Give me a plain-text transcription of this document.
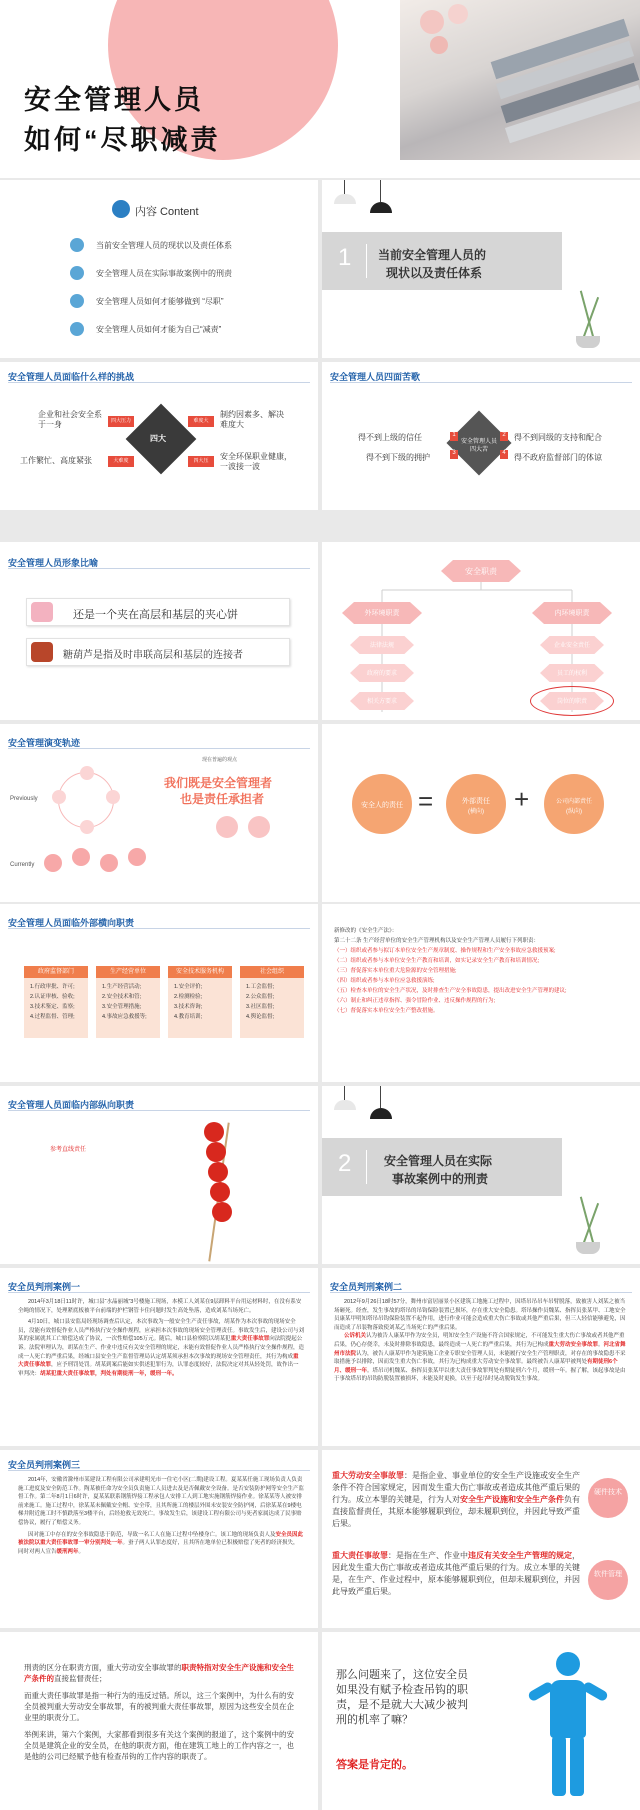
安全管理人员
如何“尽职减责
内容 Content
当前安全管理人员的现状以及责任体系
安全管理人员在实际事故案例中的刑责
安全管理人员如何才能够做到 “尽职”
安全管理人员如何才能为自己“减责”
1 当前安全管理人员的
现状以及责任体系
安全管理人员面临什么样的挑战
四大
四大压力	难度大
大难度	四大压
企业和社会安全系于一身
制约因素多、解决难度大
工作繁忙、高度紧张	安全环保职业健康，一波接一波
安全管理人员四面苦歌
安全管理人员
四大苦
1	2
3	4
得不到上级的信任	得不到同级的支持和配合
得不到下级的拥护	得不政府监督部门的体谅
安全管理人员形象比喻
还是一个夹在高层和基层的夹心饼
糖葫芦是指及时串联高层和基层的连接者
安全职责
外环境职责	内环境职责
法律法规
政府的要求
相关方要求
企业安全责任
员工的权利
岗位的职责
安全管理演变轨迹
Previously
Currently
现在普遍的观点
我们既是安全管理者
也是责任承担者	安全人的责任 =	外部责任
(横向)	+	公司内部责任
(纵向)
安全管理人员面临外部横向职责
政府监督部门
1.行政审批、许可;
2.认证审核、验收;
3.技术鉴定、监察;
4.过程监督、管理;
生产经营单位
1.生产经营活动;
2.安全技术和管;
3.安全管理措施;
4.事故应急救援等;
安全技术服务机构
1.安全评价;
2.检测检验;
3.技术咨询;
4.教育培训;
社会组织
1.工会监督;
2.公众监督;
3.社区监督;
4.舆论监督;
新修改的《安全生产法》：
第二十二条 生产经营单位的安全生产管理机构以及安全生产管理人员履行下列职责：
（一）组织或者参与拟订本单位安全生产规章制度、操作规程和生产安全事故应急救援预案;
（二）组织或者参与本单位安全生产教育和培训，如实记录安全生产教育和培训情况;
（三）督促落实本单位重大危险源的安全管理措施;
（四）组织或者参与本单位应急救援演练;
（五）检查本单位的安全生产状况，及时排查生产安全事故隐患，提出改进安全生产管理的建议;
（六）制止和纠正违章指挥、强令冒险作业、违反操作规程的行为;
（七）督促落实本单位安全生产整改措施。
安全管理人员面临内部纵向职责
参考直线责任	2	安全管理人员在实际
事故案例中的刑责
安全员判刑案例一

2014年3月18日11时许，城口县“水晶丽城”3号楼施工现场，本模工人刘某在9层卸料平台用运材料时，在没有系安全绳的情况下，处理紧底板被平台前端的护栏钢管卡住问题时发生高处坠落，造成刘某当场死亡。

4月10日，城口县安监局经现场调查后认定，本次事故为一般安全生产责任事故，胡某作为本次事故的现场安全员，没能有效督促作业人员严格执行安全操作规程，应承担本次事故的现场安全管理责任。事故发生后，建设公司与刘某的家属就其工亡赔偿达成了协议，一次性赔偿105万元。随后，城口县检察院以胡某犯重大责任事故罪向法院提起公诉。法院审理认为，胡某在生产、作业中违反有关安全管理的规定，未能有效督促作业人员严格执行安全操作规程，造成一人死亡的严重后果，经城口县安全生产监督管理局认定胡某须承担本次事故的现场安全管理责任，其行为构成重大责任事故罪，应予刑罚处罚。胡某到案后能如实供述犯罪行为，认罪态度较好，法院决定对其从轻处罚，故作出一审判决：胡某犯重大责任事故罪，判处有期徒刑一年，缓刑一年。

安全员判刑案例二

2012年9月26日18时57分，舞州市富居丽景小区建筑工地施工过程中，因塔吊吊吊车吊臂脱落，致被害人刘某之被当场砸死。经查，发生事故的塔吊的吊钩保险装置已损坏，存在重大安全隐患。塔吊操作员魏某、指挥员张某甲、工地安全员康某甲明知塔吊吊钩保险装置不起作用，进行作业可能会造成重大伤亡事故或其他严重后果，但三人轻信能够避免，因而造成了吊装物落致使刘某乙当场死亡的严重后果。

公诉机关认为被告人康某甲作为安全员，明知安全生产设施不符合国家规定，不可能发生重大伤亡事故或者其他严重后果，仍心存侥幸，未及时排除事故隐患，最终造成一人死亡的严重后果，其行为已构成重大劳动安全事故罪。河北省舞州市法院认为，被告人康某甲作为建筑施工企业专职安全管理人员，未能履行安全生产管理职责，对存在的事故隐患不采取措施予以排除，因而发生重大伤亡事故，其行为已构成重大劳动安全事故罪。最终被告人康某甲被判处有期徒刑6个月、缓刑一年。塔吊司机魏某、指挥员张某甲以重大责任事故罪判处有期徒刑六个月，缓刑一年。握了解，该起事故是由于事故塔吊的吊钩防脱装置被损坏，未能及时更换，以至于起吊时晃动脱钩发生事故。

安全员判刑案例三

2014年，安徽省滁州市某建设工程有限公司承建明光市一住宅小区(二期)建设工程。夏某某任施工现场负责人负责施工进度及安全防范工作。陶某被任命为安全员负责施工人员进去及是否佩戴安全设备。是否安装防护网等安全生产监督工作。第二年8月1日6时许，夏某某联系钢筋焊接工程承包人安排工人到工地实施钢筋焊接作业。徐某某等人被安排前来施工。施工过程中，徐某某未佩戴安全帽、安全带，且其所施工的楼层外围未安装安全防护网，后徐某某在9楼电梯井附近施工时不慎跌落至3楼平台，后经抢救无效死亡。事故发生后，该建设工程有限公司与死者家属达成了民事赔偿协议，履行了赔偿义务。

因对施工中存在的安全事故隐患于防范，导致一名工人在施工过程中坠楼身亡。该工地的现场负责人及安全员因此被法院以重大责任事故罪一审分别判处一年。蚕子两人认罪态度好，且其所在地单位已积极赔偿了死者的经济损失，同时对两人宣告缓刑两年。

重大劳动安全事故罪：是指企业、事业单位的安全生产设施或安全生产条件不符合国家规定，因而发生重大伤亡事故或者造成其他严重后果的行为。成立本罪的关键是，行为人对安全生产设施和安全生产条件负有直接监督责任，其原本能够履职到位，却未履职到位，并因此导致严重后果。
硬件技术
重大责任事故罪：是指在生产、作业中违反有关安全生产管理的规定，因此发生重大伤亡事故或者造成其他严重后果的行为。成立本罪的关键是，在生产、作业过程中，原本能够履职到位，但却未履职到位，并因此导致严重后果。
软件管理

刑责的区分在职责方面，重大劳动安全事故罪的职责特指对安全生产设施和安全生产条件的直接监督责任；

而重大责任事故罪是指一种行为的违反过错。所以，这三个案例中，为什么有的安全员被判重大劳动安全事故罪，有的被判重大责任事故罪，原因为这些安全员在企业里的职责分工。

举例来讲，第六个案例，大家都看到很多有关这个案例的报道了，这个案例中的安全员是建筑企业的安全员，在他的职责方面，他在建筑工地上的工作内容之一，也是他的公司已经赋予他有检查吊钩的工作内容的职责了。

那么问题来了，这位安全员如果没有赋予检查吊钩的职责，是不是就大大减少被判刑的机率了嘛？
答案是肯定的。
